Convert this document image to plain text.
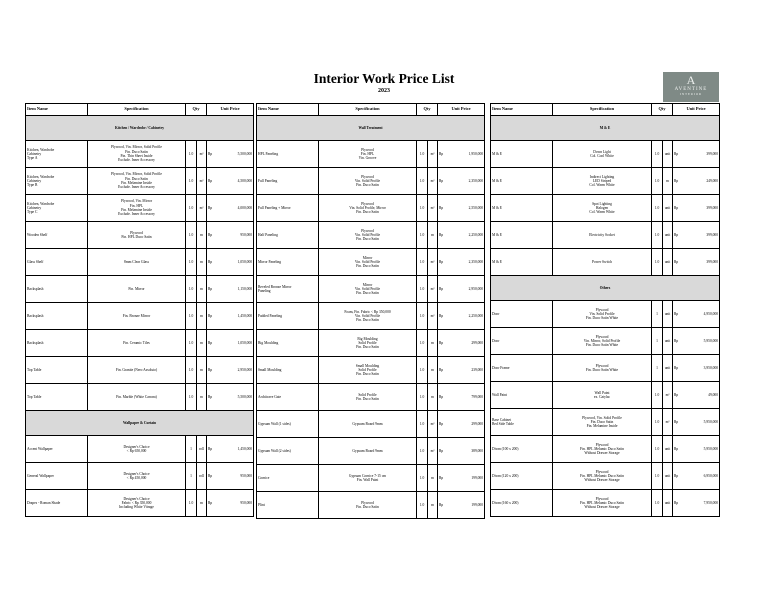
Interior Work Price List
2023
A
AVENTINE
INTERIOR
Item Name	Specification	Qty		Unit Price	
Kitchen / Wardrobe / Cabinetry					
Kitchen, Wardrobe
Cabinetry
Type A	Plywood, Vin. Mirror, Solid Profile
Fin. Duco Satin
Fin. Thin Sheet Inside
Exclude. Inner Accessory	1.0	m²	Rp	5,500,000
Kitchen, Wardrobe
Cabinetry
Type B	Plywood, Vin. Mirror, Solid Profile
Fin. Duco Satin
Fin. Melamine Inside
Exclude. Inner Accessory	1.0	m²	Rp	4,500,000
Kitchen, Wardrobe
Cabinetry
Type C	Plywood, Vin. Mirror
Fin. HPL
Fin. Melamine Inside
Exclude. Inner Accessory	1.0	m²	Rp	4,000,000
Wooden Shelf	Plywood
Fin. HPL Duco Satin	1.0	m	Rp	950,000
Glass Shelf	8mm Clear Glass	1.0	m	Rp	1,050,000
Backsplash	Fin. Mirror	1.0	m	Rp	1,150,000
Backsplash	Fin. Bronze Mirror	1.0	m	Rp	1,450,000
Backsplash	Fin. Ceramic Tiles	1.0	m	Rp	1,050,000
Top Table	Fin. Granite (Nero Assoluto)	1.0	m	Rp	2,950,000
Top Table	Fin. Marble (White Carrara)	1.0	m	Rp	5,500,000
Wallpaper & Curtain					
Accent Wallpaper	Designer's Choice
< Rp 650,000	1	roll	Rp	1,450,000
General Wallpaper	Designer's Choice
< Rp 450,000	1	roll	Rp	950,000
Drapes - Roman Shade	Designer's Choice
Fabric < Rp 350,000
Including White Vitrage	1.0	m	Rp	950,000
Item Name	Specification	Qty		Unit Price	
Wall Treatment					
HPL Paneling	Plywood
Fin. HPL
Vin. Groove	1.0	m²	Rp	1,950,000
Full Paneling	Plywood
Vin. Solid Profile
Fin. Duco Satin	1.0	m²	Rp	2,350,000
Full Paneling + Mirror	Plywood
Vin. Solid Profile, Mirror
Fin. Duco Satin	1.0	m²	Rp	2,550,000
Half Paneling	Plywood
Vin. Solid Profile
Fin. Duco Satin	1.0	m	Rp	2,250,000
Mirror Paneling	Mirror
Vin. Solid Profile
Fin. Duco Satin	1.0	m²	Rp	2,350,000
Beveled Bronze Mirror
Paneling	Mirror
Vin. Solid Profile
Fin. Duco Satin	1.0	m²	Rp	2,950,000
Padded Paneling	Foam, Fin. Fabric < Rp 350,000
Vin. Solid Profile
Fin. Duco Satin	1.0	m²	Rp	2,250,000
Big Moulding	Big Moulding
Solid Profile
Fin. Duco Satin	1.0	m	Rp	299,000
Small Moulding	Small Moulding
Solid Profile
Fin. Duco Satin	1.0	m	Rp	239,000
Architrave Gate	Solid Profile
Fin. Duco Satin	1.0	m	Rp	799,000
Gypsum Wall (1 sides)	Gypsum Board 9mm	1.0	m²	Rp	299,000
Gypsum Wall (2 sides)	Gypsum Board 9mm	1.0	m²	Rp	389,000
Cornice	Gypsum Cornice 7-15 cm
Fin. Wall Paint	1.0	m	Rp	199,000
Plint	Plywood
Fin. Duco Satin	1.0	m	Rp	199,000
Item Name	Specification	Qty		Unit Price	
M & E					
M & E	Down Light
Col. Cool White	1.0	unit	Rp	399,000
M & E	Indirect Lighting
LED Striped
Col. Warm White	1.0	m	Rp	249,000
M & E	Spot Lighting
Halogen
Col. Warm White	1.0	unit	Rp	399,000
M & E	Electricity Socket	1.0	unit	Rp	399,000
M & E	Power Switch	1.0	unit	Rp	399,000
Others					
Door	Plywood
Vin. Solid Profile
Fin. Duco Satin White	1	unit	Rp	4,950,000
Door	Plywood
Vin. Mirror, Solid Profile
Fin. Duco Satin White	1	unit	Rp	5,950,000
Door Frame	Plywood
Fin. Duco Satin White	1	unit	Rp	3,950,000
Wall Paint	Wall Paint
ex. Catylac	1.0	m²	Rp	49,000
Base Cabinet
Bed Side Table	Plywood, Vin. Solid Profile
Fin. Duco Satin
Fin. Melamine Inside	1.0	m²	Rp	5,950,000
Divan (100 x 200)	Plywood
Fin. HPL Melamic Duco Satin
Without Drawer Storage	1.0	unit	Rp	5,950,000
Divan (120 x 200)	Plywood
Fin. HPL Melamic Duco Satin
Without Drawer Storage	1.0	unit	Rp	6,950,000
Divan (160 x 200)	Plywood
Fin. HPL Melamic Duco Satin
Without Drawer Storage	1.0	unit	Rp	7,950,000
